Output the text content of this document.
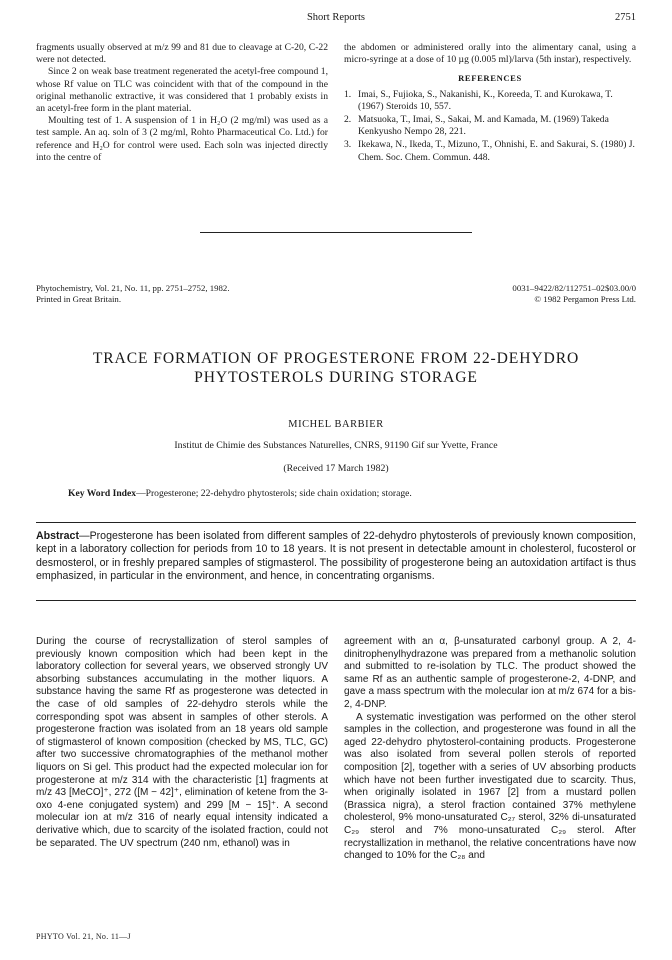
Short Reports	2751

fragments usually observed at m/z 99 and 81 due to cleavage at C-20, C-22 were not detected.

Since 2 on weak base treatment regenerated the acetyl-free compound 1, whose Rf value on TLC was coincident with that of the compound in the original methanolic extractive, it was considered that 1 probably exists in an acetyl-free form in the plant material.

Moulting test of 1. A suspension of 1 in H₂O (2 mg/ml) was used as a test sample. An aq. soln of 3 (2 mg/ml, Rohto Pharmaceutical Co. Ltd.) for reference and H₂O for control were used. Each soln was injected directly into the centre of

the abdomen or administered orally into the alimentary canal, using a micro-syringe at a dose of 10 µg (0.005 ml)/larva (5th instar), respectively.

REFERENCES
1. Imai, S., Fujioka, S., Nakanishi, K., Koreeda, T. and Kurokawa, T. (1967) Steroids 10, 557.
2. Matsuoka, T., Imai, S., Sakai, M. and Kamada, M. (1969) Takeda Kenkyusho Nempo 28, 221.
3. Ikekawa, N., Ikeda, T., Mizuno, T., Ohnishi, E. and Sakurai, S. (1980) J. Chem. Soc. Chem. Commun. 448.
Phytochemistry, Vol. 21, No. 11, pp. 2751–2752, 1982.
Printed in Great Britain.
0031–9422/82/112751–02$03.00/0
© 1982 Pergamon Press Ltd.
TRACE FORMATION OF PROGESTERONE FROM 22-DEHYDRO
PHYTOSTEROLS DURING STORAGE
MICHEL BARBIER
Institut de Chimie des Substances Naturelles, CNRS, 91190 Gif sur Yvette, France
(Received 17 March 1982)
Key Word Index—Progesterone; 22-dehydro phytosterols; side chain oxidation; storage.
Abstract—Progesterone has been isolated from different samples of 22-dehydro phytosterols of previously known composition, kept in a laboratory collection for periods from 10 to 18 years. It is not present in detectable amount in cholesterol, fucosterol or desmosterol, or in freshly prepared samples of stigmasterol. The possibility of progesterone being an autoxidation artifact is thus emphasized, in particular in the environment, and hence, in concentrating organisms.

During the course of recrystallization of sterol samples of previously known composition which had been kept in the laboratory collection for several years, we observed strongly UV absorbing substances accumulating in the mother liquors. A substance having the same Rf as progesterone was detected in the case of old samples of 22-dehydro sterols while the corresponding spot was absent in samples of other sterols. A progesterone fraction was isolated from an 18 years old sample of stigmasterol of known composition (checked by MS, TLC, GC) after two successive chromatographies of the methanol mother liquors on Si gel. This product had the expected molecular ion for progesterone at m/z 314 with the characteristic [1] fragments at m/z 43 [MeCO]⁺, 272 ([M − 42]⁺, elimination of ketene from the 3-oxo 4-ene conjugated system) and 299 [M − 15]⁺. A second molecular ion at m/z 316 of nearly equal intensity indicated a derivative which, due to scarcity of the isolated fraction, could not be separated. The UV spectrum (240 nm, ethanol) was in

agreement with an α, β-unsaturated carbonyl group. A 2, 4-dinitrophenylhydrazone was prepared from a methanolic solution and submitted to re-isolation by TLC. The product showed the same Rf as an authentic sample of progesterone-2, 4-DNP, and gave a mass spectrum with the molecular ion at m/z 674 for a bis-2, 4-DNP.

A systematic investigation was performed on the other sterol samples in the collection, and progesterone was found in all the aged 22-dehydro phytosterol-containing products. Progesterone was also isolated from several pollen sterols of reported composition [2], together with a series of UV absorbing products which have not been further investigated due to scarcity. Thus, when originally isolated in 1967 [2] from a mustard pollen (Brassica nigra), a sterol fraction contained 37% methylene cholesterol, 9% mono-unsaturated C₂₇ sterol, 32% di-unsaturated C₂₉ sterol and 7% mono-unsaturated C₂₉ sterol. After recrystallization in methanol, the relative concentrations have now changed to 10% for the C₂₈ and

PHYTO Vol. 21, No. 11—J
